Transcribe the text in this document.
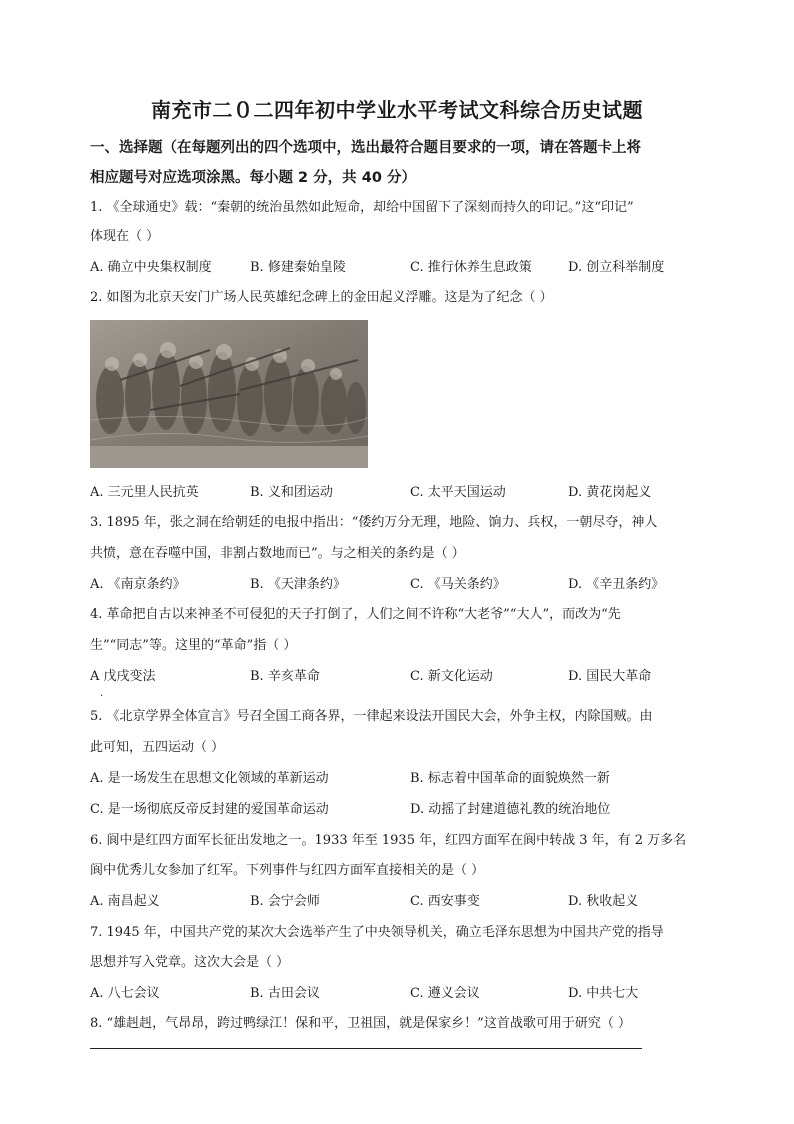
南充市二０二四年初中学业水平考试文科综合历史试题
一、选择题（在每题列出的四个选项中，选出最符合题目要求的一项，请在答题卡上将
相应题号对应选项涂黑。每小题 2 分，共 40 分）
1. 《全球通史》载：“秦朝的统治虽然如此短命，却给中国留下了深刻而持久的印记。”这“印记”
体现在（ ）
A. 确立中央集权制度	B. 修建秦始皇陵	C. 推行休养生息政策	D. 创立科举制度
2. 如图为北京天安门广场人民英雄纪念碑上的金田起义浮雕。这是为了纪念（ ）
A. 三元里人民抗英	B. 义和团运动	C. 太平天国运动	D. 黄花岗起义
3. 1895 年，张之洞在给朝廷的电报中指出：“倭约万分无理，地险、饷力、兵权，一朝尽夺，神人
共愤，意在吞噬中国，非割占数地而已”。与之相关的条约是（ ）
A. 《南京条约》	B. 《天津条约》	C. 《马关条约》	D. 《辛丑条约》
4. 革命把自古以来神圣不可侵犯的天子打倒了，人们之间不许称“大老爷”“大人”，而改为“先
生”“同志”等。这里的“革命”指（ ）
A 戊戌变法
.
B. 辛亥革命	C. 新文化运动	D. 国民大革命
5. 《北京学界全体宣言》号召全国工商各界，一律起来设法开国民大会，外争主权，内除国贼。由
此可知，五四运动（ ）
A. 是一场发生在思想文化领域的革新运动	B. 标志着中国革命的面貌焕然一新
C. 是一场彻底反帝反封建的爱国革命运动	D. 动摇了封建道德礼教的统治地位
6. 阆中是红四方面军长征出发地之一。1933 年至 1935 年，红四方面军在阆中转战 3 年，有 2 万多名
阆中优秀儿女参加了红军。下列事件与红四方面军直接相关的是（ ）
A. 南昌起义	B. 会宁会师	C. 西安事变	D. 秋收起义
7. 1945 年，中国共产党的某次大会选举产生了中央领导机关，确立毛泽东思想为中国共产党的指导
思想并写入党章。这次大会是（ ）
A. 八七会议	B. 古田会议	C. 遵义会议	D. 中共七大
8. “雄赳赳，气昂昂，跨过鸭绿江！保和平，卫祖国，就是保家乡！”这首战歌可用于研究（ ）
